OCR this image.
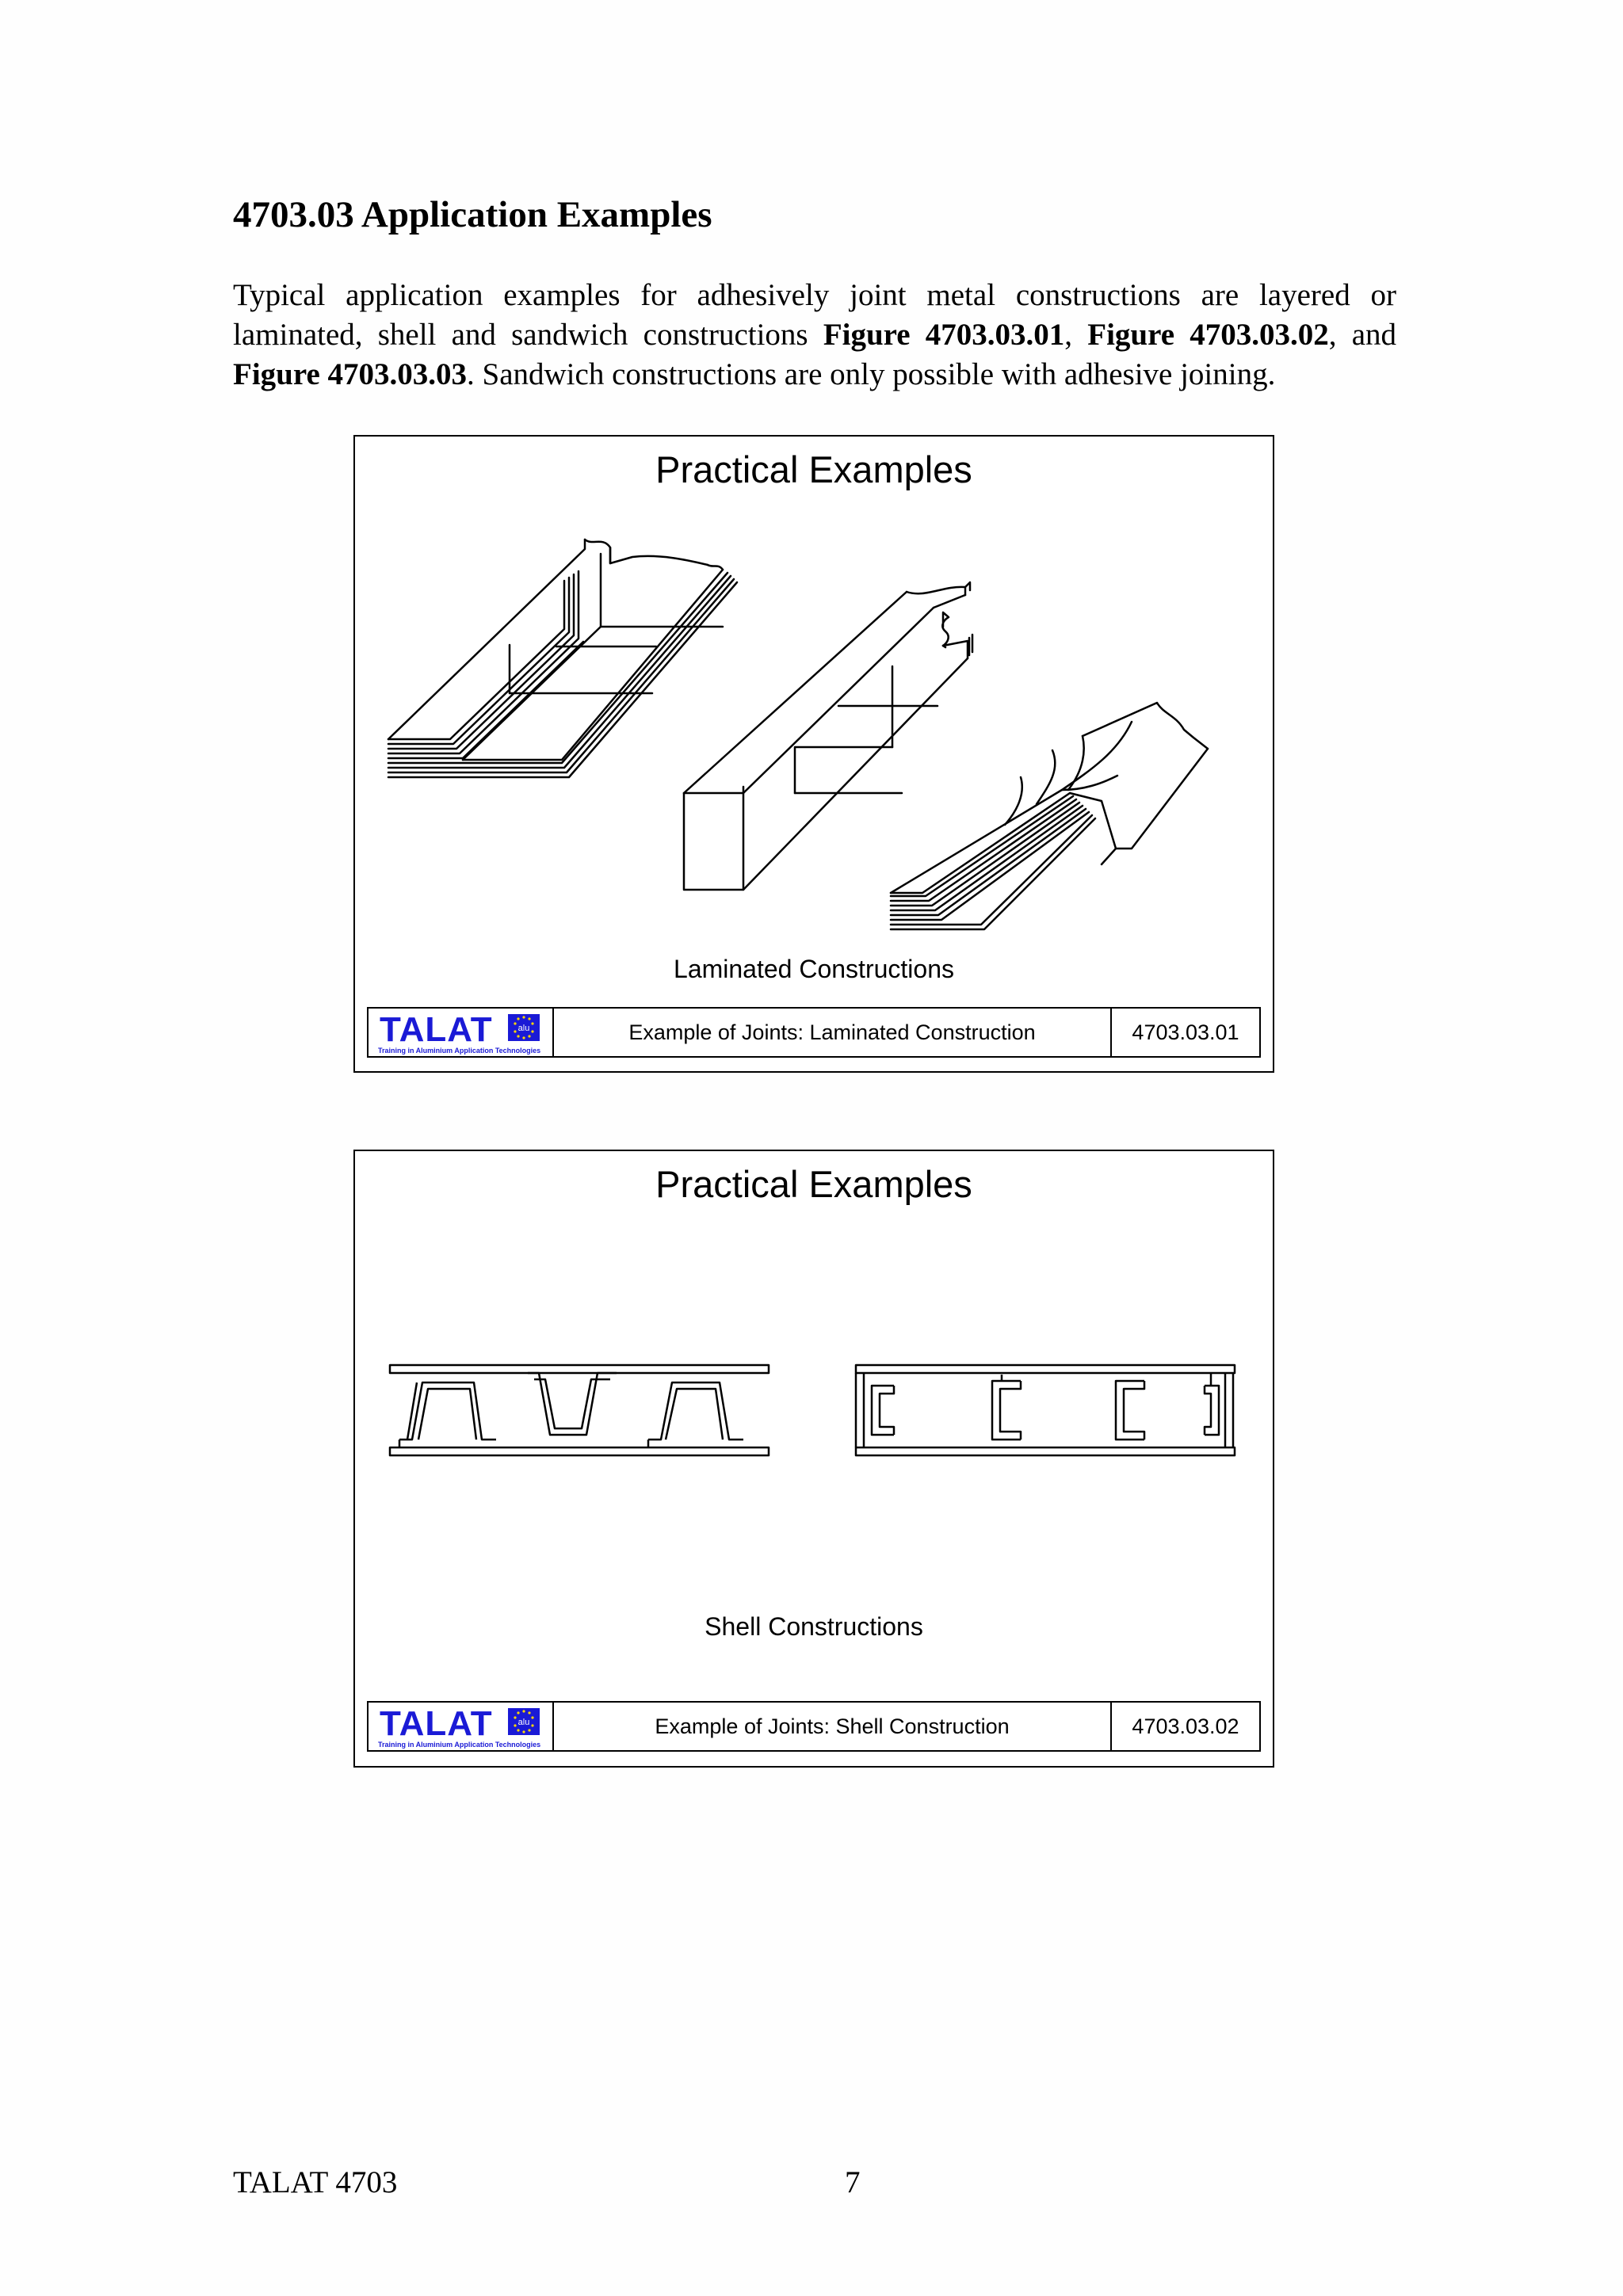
4703.03 Application Examples

Typical application examples for adhesively joint metal constructions are layered or laminated, shell and sandwich constructions Figure 4703.03.01, Figure 4703.03.02, and Figure 4703.03.03. Sandwich constructions are only possible with adhesive joining.

Practical Examples
Laminated Constructions
TALAT	alu
Training in Aluminium Application Technologies
Example of Joints: Laminated Construction	4703.03.01
Practical Examples
Shell Constructions
TALAT	alu
Training in Aluminium Application Technologies
Example of Joints: Shell Construction	4703.03.02
TALAT 4703	7
